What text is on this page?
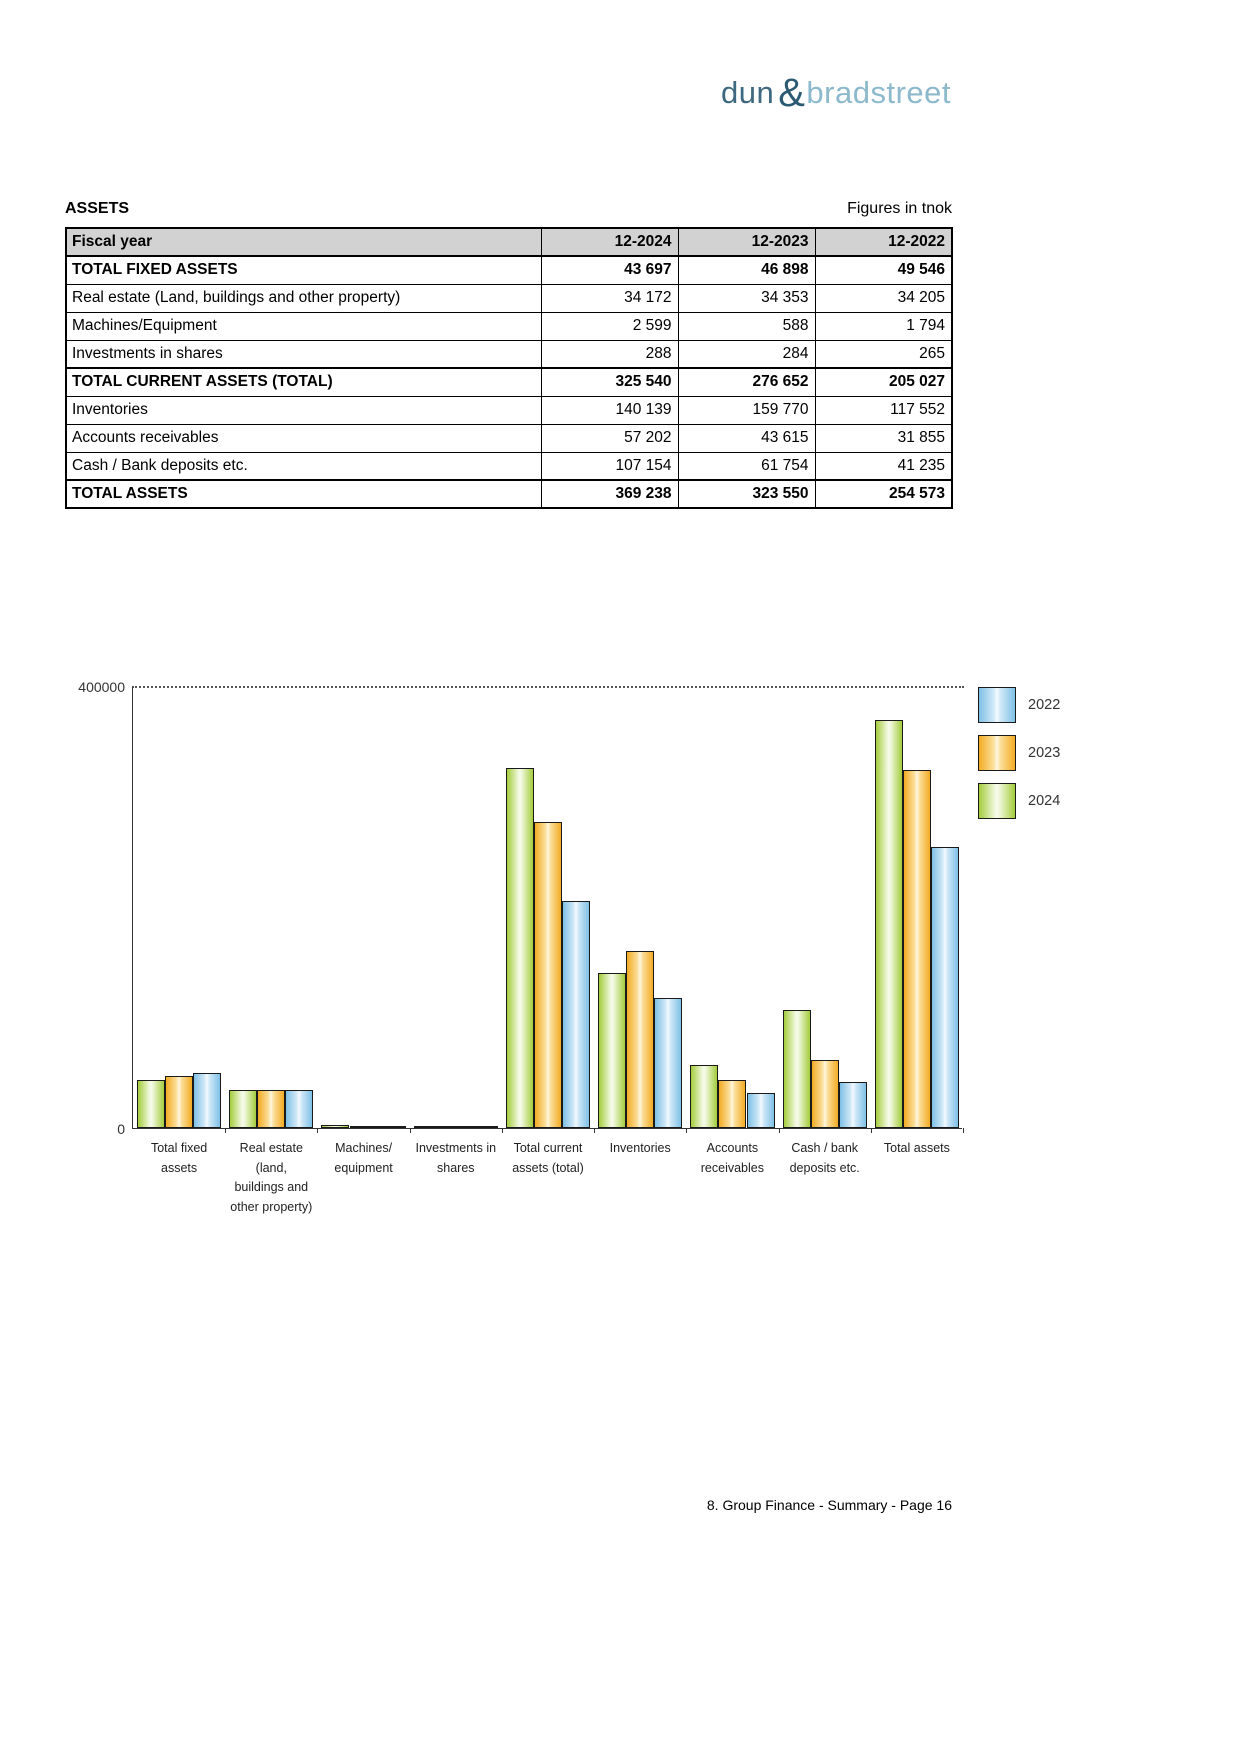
dun & bradstreet
ASSETS	Figures in tnok
Fiscal year	12-2024	12-2023	12-2022
TOTAL FIXED ASSETS	43 697	46 898	49 546
Real estate (Land, buildings and other property)	34 172	34 353	34 205
Machines/Equipment	2 599	588	1 794
Investments in shares	288	284	265
TOTAL CURRENT ASSETS (TOTAL)	325 540	276 652	205 027
Inventories	140 139	159 770	117 552
Accounts receivables	57 202	43 615	31 855
Cash / Bank deposits etc.	107 154	61 754	41 235
TOTAL ASSETS	369 238	323 550	254 573
400000
0
Total fixed
assets
Real estate
(land,
buildings and
other property)
Machines/
equipment
Investments in
shares
Total current
assets (total)
Inventories	Accounts
receivables
Cash / bank
deposits etc.
Total assets
2022
2023
2024
8. Group Finance - Summary - Page 16
